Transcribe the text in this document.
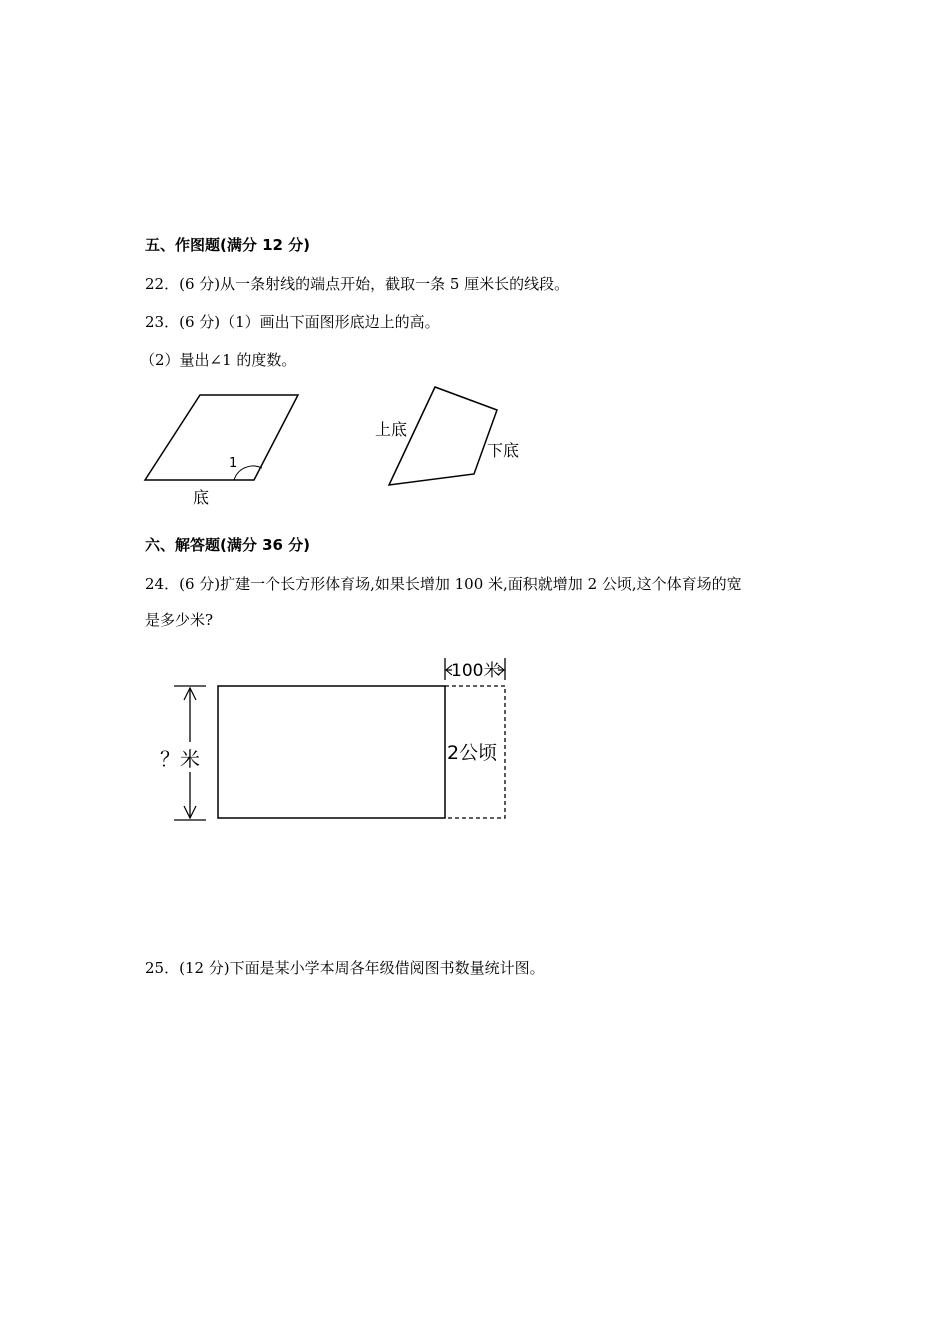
五、作图题(满分 12 分)
22．(6 分)从一条射线的端点开始，截取一条 5 厘米长的线段。
23．(6 分)（1）画出下面图形底边上的高。
（2）量出∠1 的度数。
1
底
上底
下底
六、解答题(满分 36 分)
24．(6 分)扩建一个长方形体育场,如果长增加 100 米,面积就增加 2 公顷,这个体育场的宽
是多少米?
？米
100米
2公顷
25．(12 分)下面是某小学本周各年级借阅图书数量统计图。
